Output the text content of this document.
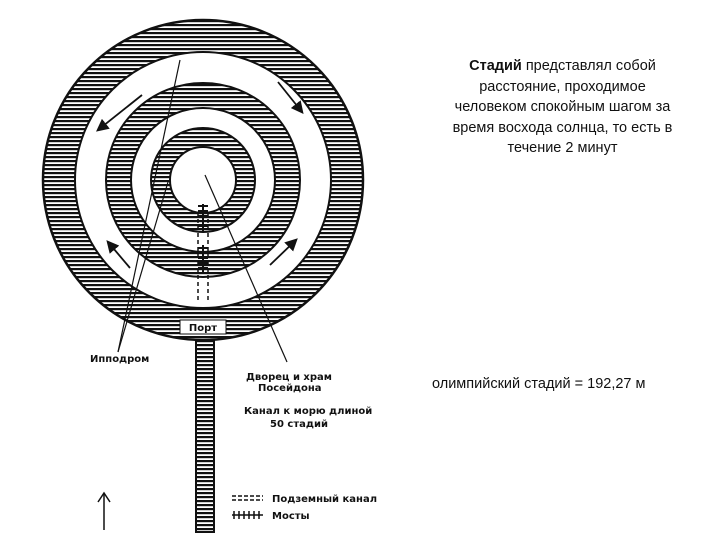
Порт
Ипподром
Дворец и храм
Посейдона
Канал к морю длиной
50 стадий
Подземный канал
Мосты
Стадий представлял собой расстояние, проходимое человеком спокойным шагом за время восхода солнца, то есть в течение 2 минут
олимпийский стадий = 192,27 м
